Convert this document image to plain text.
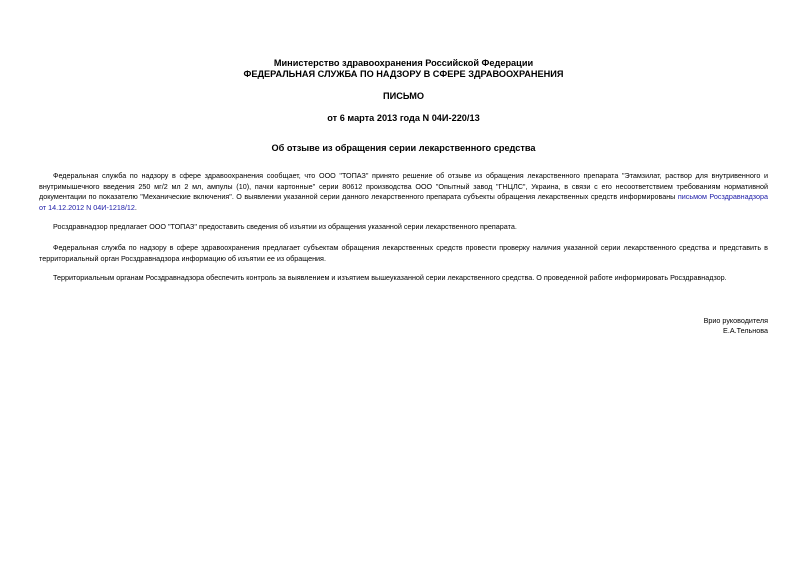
Министерство здравоохранения Российской Федерации
ФЕДЕРАЛЬНАЯ СЛУЖБА ПО НАДЗОРУ В СФЕРЕ ЗДРАВООХРАНЕНИЯ
ПИСЬМО
от 6 марта 2013 года N 04И-220/13
Об отзыве из обращения серии лекарственного средства
Федеральная служба по надзору в сфере здравоохранения сообщает, что ООО "ТОПАЗ" принято решение об отзыве из обращения лекарственного препарата "Этамзилат, раствор для внутривенного и внутримышечного введения 250 мг/2 мл 2 мл, ампулы (10), пачки картонные" серии 80612 производства ООО "Опытный завод "ГНЦЛС", Украина, в связи с его несоответствием требованиям нормативной документации по показателю "Механические включения". О выявлении указанной серии данного лекарственного препарата субъекты обращения лекарственных средств информированы письмом Росздравнадзора от 14.12.2012 N 04И-1218/12.
Росздравнадзор предлагает ООО "ТОПАЗ" предоставить сведения об изъятии из обращения указанной серии лекарственного препарата.
Федеральная служба по надзору в сфере здравоохранения предлагает субъектам обращения лекарственных средств провести проверку наличия указанной серии лекарственного средства и представить в территориальный орган Росздравнадзора информацию об изъятии ее из обращения.
Территориальным органам Росздравнадзора обеспечить контроль за выявлением и изъятием вышеуказанной серии лекарственного средства. О проведенной работе информировать Росздравнадзор.
Врио руководителя
Е.А.Тельнова
